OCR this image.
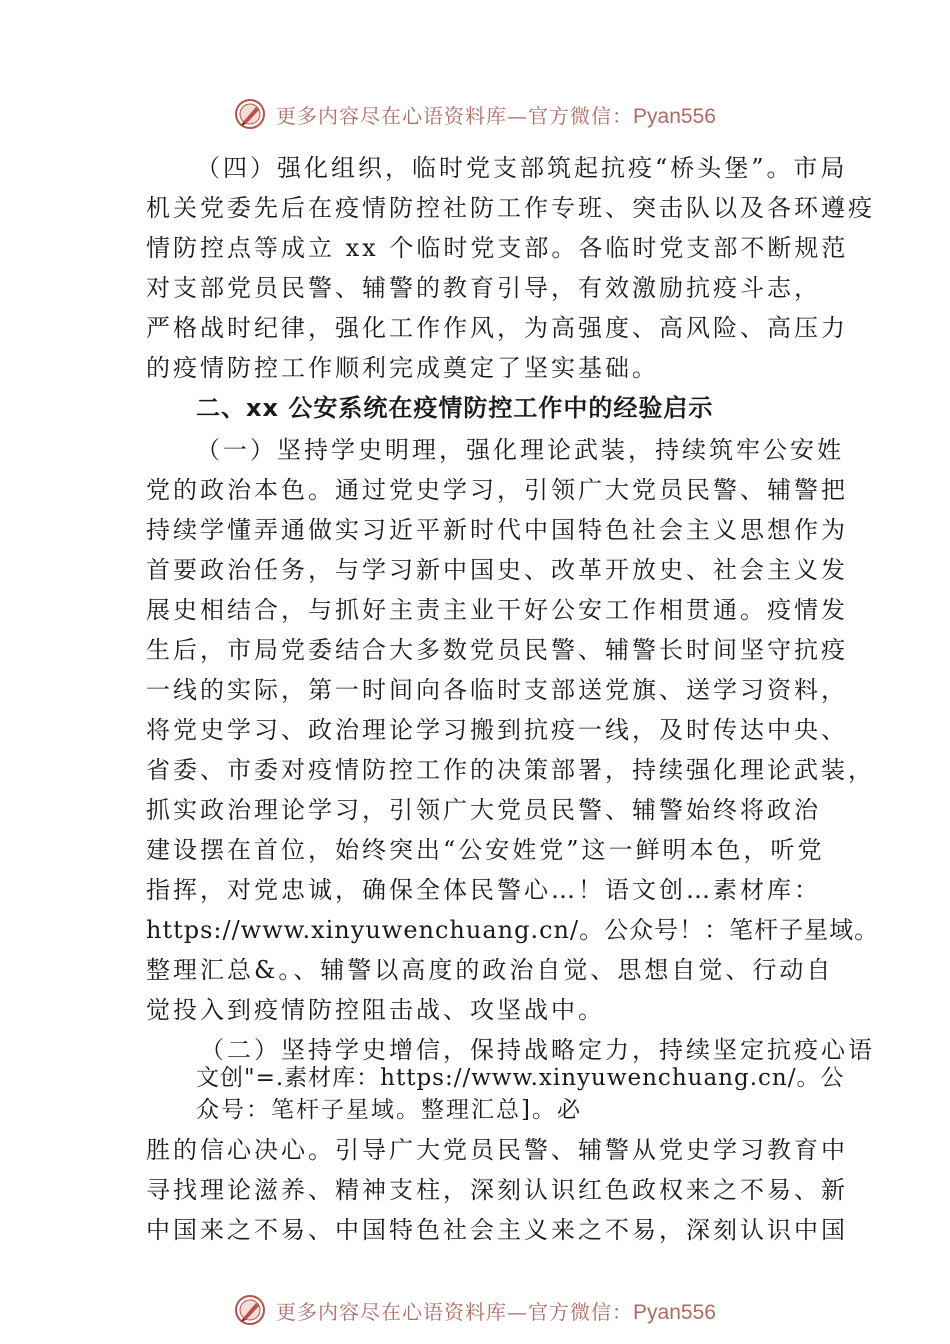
更多内容尽在心语资料库—官方微信：Pyan556
（四）强化组织，临时党支部筑起抗疫“桥头堡”。市局
机关党委先后在疫情防控社防工作专班、突击队以及各环遵疫
情防控点等成立 xx 个临时党支部。各临时党支部不断规范
对支部党员民警、辅警的教育引导，有效激励抗疫斗志，
严格战时纪律，强化工作作风，为高强度、高风险、高压力
的疫情防控工作顺利完成奠定了坚实基础。
二、xx 公安系统在疫情防控工作中的经验启示
（一）坚持学史明理，强化理论武装，持续筑牢公安姓
党的政治本色。通过党史学习，引领广大党员民警、辅警把
持续学懂弄通做实习近平新时代中国特色社会主义思想作为
首要政治任务，与学习新中国史、改革开放史、社会主义发
展史相结合，与抓好主责主业干好公安工作相贯通。疫情发
生后，市局党委结合大多数党员民警、辅警长时间坚守抗疫
一线的实际，第一时间向各临时支部送党旗、送学习资料，
将党史学习、政治理论学习搬到抗疫一线，及时传达中央、
省委、市委对疫情防控工作的决策部署，持续强化理论武装，
抓实政治理论学习，引领广大党员民警、辅警始终将政治
建设摆在首位，始终突出“公安姓党”这一鲜明本色，听党
指挥，对党忠诚，确保全体民警心…！语文创…素材库：
https://www.xinyuwenchuang.cn/。公众号！：笔杆子星域。
整理汇总&。、辅警以高度的政治自觉、思想自觉、行动自
觉投入到疫情防控阻击战、攻坚战中。
（二）坚持学史增信，保持战略定力，持续坚定抗疫心语
文创"=.素材库：https://www.xinyuwenchuang.cn/。公
众号：笔杆子星域。整理汇总]。必
胜的信心决心。引导广大党员民警、辅警从党史学习教育中
寻找理论滋养、精神支柱，深刻认识红色政权来之不易、新
中国来之不易、中国特色社会主义来之不易，深刻认识中国
更多内容尽在心语资料库—官方微信：Pyan556
